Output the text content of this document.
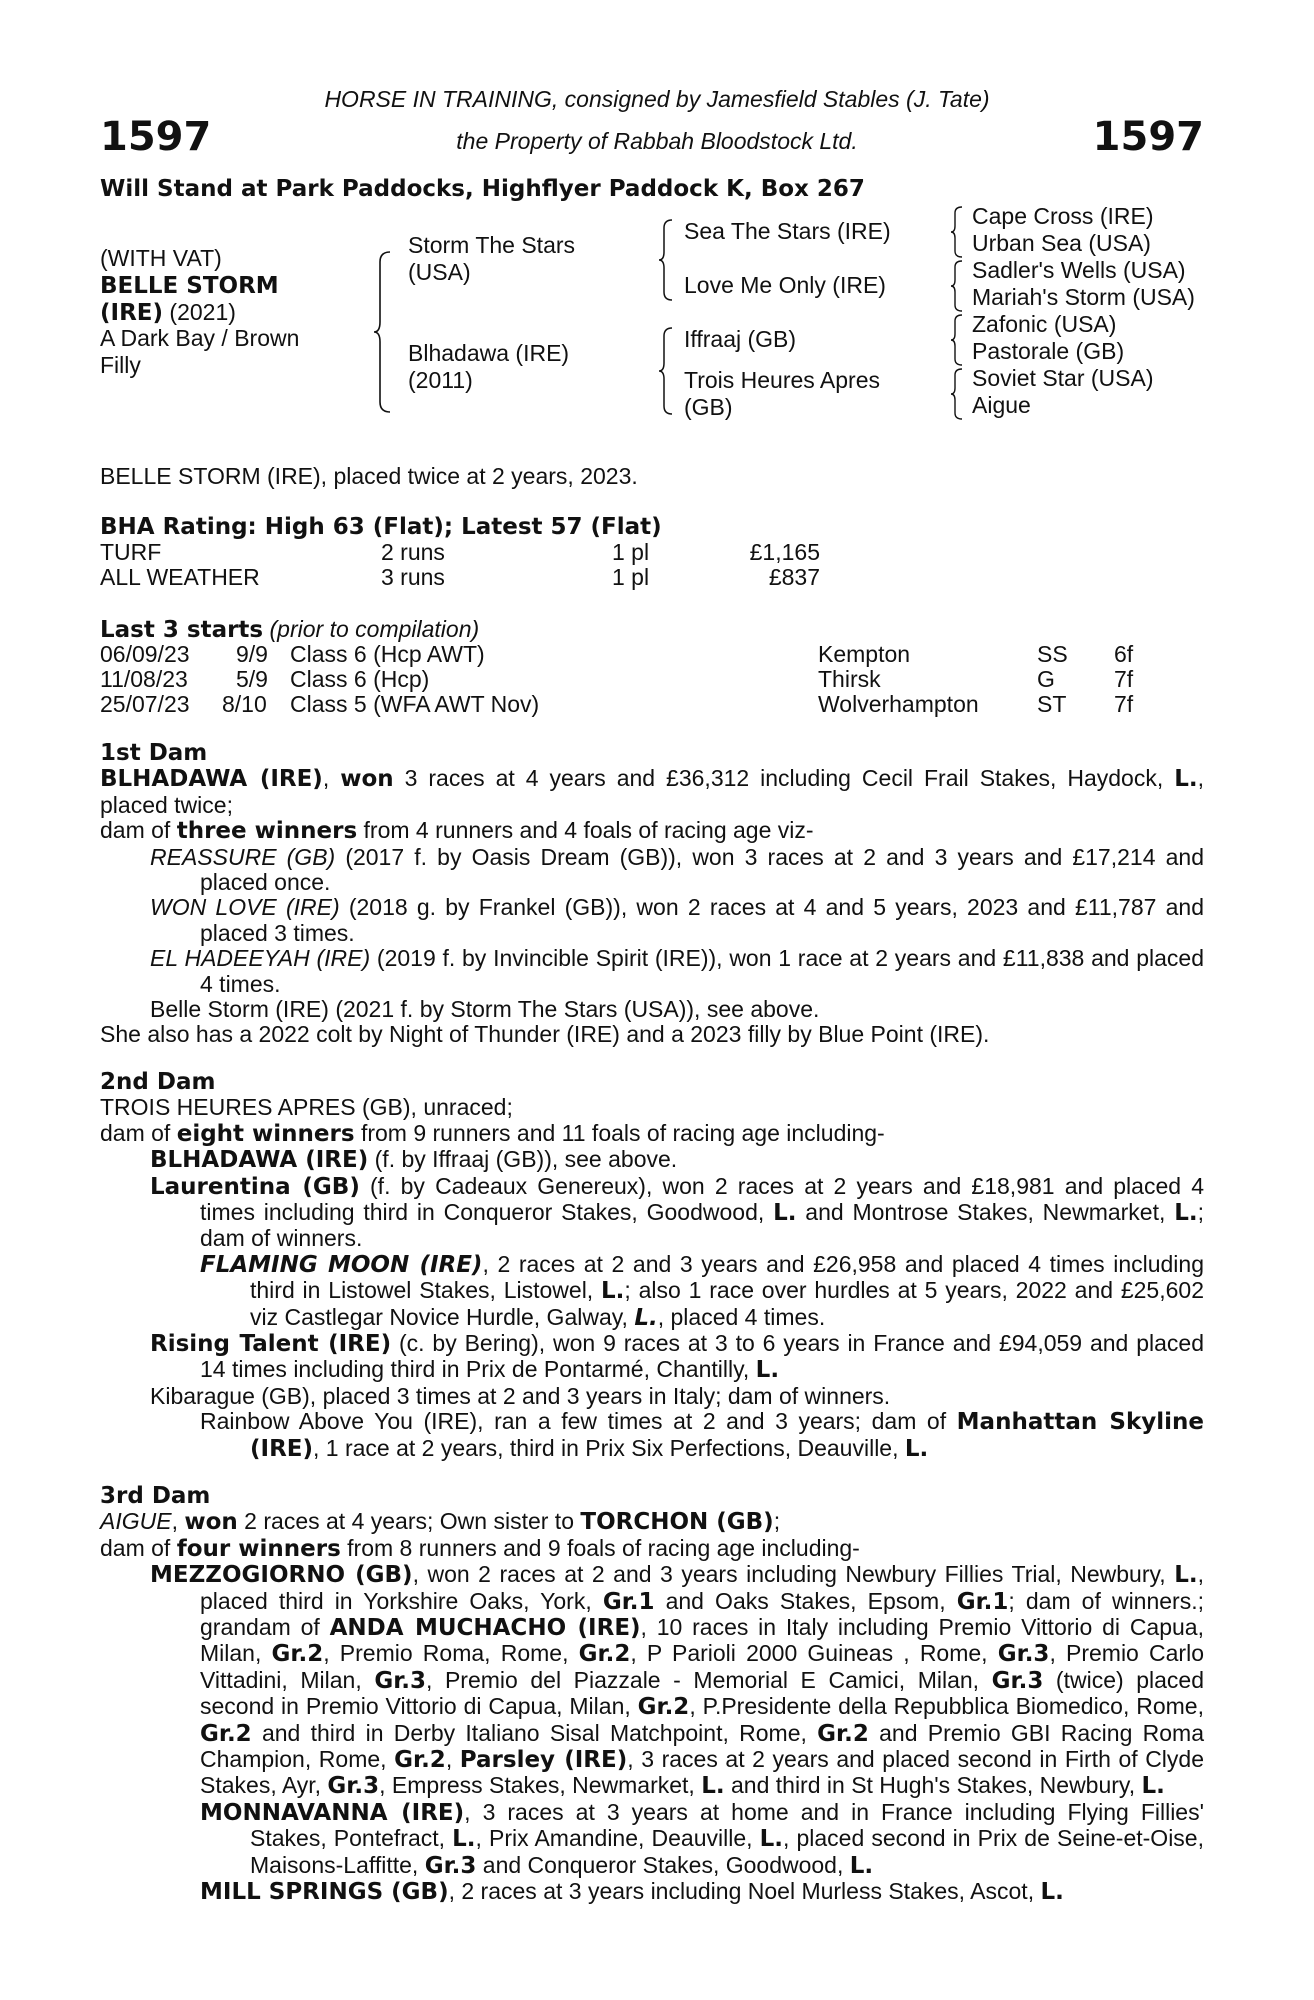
1597	1597
HORSE IN TRAINING, consigned by Jamesfield Stables (J. Tate)
the Property of Rabbah Bloodstock Ltd.
Will Stand at Park Paddocks, Highflyer Paddock K, Box 267
(WITH VAT)
BELLE STORM
(IRE) (2021)
A Dark Bay / Brown
Filly
Storm The Stars
(USA)
Blhadawa (IRE)
(2011)
Sea The Stars (IRE)
Love Me Only (IRE)
Iffraaj (GB)
Trois Heures Apres
(GB)
Cape Cross (IRE)
Urban Sea (USA)
Sadler's Wells (USA)
Mariah's Storm (USA)
Zafonic (USA)
Pastorale (GB)
Soviet Star (USA)
Aigue
BELLE STORM (IRE), placed twice at 2 years, 2023.
BHA Rating: High 63 (Flat); Latest 57 (Flat)
TURF	2 runs	1 pl	£1,165
ALL WEATHER	3 runs	1 pl	£837
Last 3 starts (prior to compilation)
06/09/23 9/9 Class 6 (Hcp AWT)	Kempton	SS 6f
11/08/23 5/9 Class 6 (Hcp)	Thirsk	G	7f
25/07/23 8/10 Class 5 (WFA AWT Nov)	Wolverhampton	ST 7f

1st Dam

BLHADAWA (IRE), won 3 races at 4 years and £36,312 including Cecil Frail Stakes, Haydock, L., placed twice;

dam of three winners from 4 runners and 4 foals of racing age viz-

REASSURE (GB) (2017 f. by Oasis Dream (GB)), won 3 races at 2 and 3 years and £17,214 and placed once.

WON LOVE (IRE) (2018 g. by Frankel (GB)), won 2 races at 4 and 5 years, 2023 and £11,787 and placed 3 times.

EL HADEEYAH (IRE) (2019 f. by Invincible Spirit (IRE)), won 1 race at 2 years and £11,838 and placed 4 times.

Belle Storm (IRE) (2021 f. by Storm The Stars (USA)), see above.

She also has a 2022 colt by Night of Thunder (IRE) and a 2023 filly by Blue Point (IRE).

2nd Dam

TROIS HEURES APRES (GB), unraced;

dam of eight winners from 9 runners and 11 foals of racing age including-

BLHADAWA (IRE) (f. by Iffraaj (GB)), see above.

Laurentina (GB) (f. by Cadeaux Genereux), won 2 races at 2 years and £18,981 and placed 4 times including third in Conqueror Stakes, Goodwood, L. and Montrose Stakes, Newmarket, L.; dam of winners.

FLAMING MOON (IRE), 2 races at 2 and 3 years and £26,958 and placed 4 times including third in Listowel Stakes, Listowel, L.; also 1 race over hurdles at 5 years, 2022 and £25,602 viz Castlegar Novice Hurdle, Galway, L., placed 4 times.

Rising Talent (IRE) (c. by Bering), won 9 races at 3 to 6 years in France and £94,059 and placed 14 times including third in Prix de Pontarmé, Chantilly, L.

Kibarague (GB), placed 3 times at 2 and 3 years in Italy; dam of winners.

Rainbow Above You (IRE), ran a few times at 2 and 3 years; dam of Manhattan Skyline (IRE), 1 race at 2 years, third in Prix Six Perfections, Deauville, L.

3rd Dam

AIGUE, won 2 races at 4 years; Own sister to TORCHON (GB);

dam of four winners from 8 runners and 9 foals of racing age including-

MEZZOGIORNO (GB), won 2 races at 2 and 3 years including Newbury Fillies Trial, Newbury, L., placed third in Yorkshire Oaks, York, Gr.1 and Oaks Stakes, Epsom, Gr.1; dam of winners.; grandam of ANDA MUCHACHO (IRE), 10 races in Italy including Premio Vittorio di Capua, Milan, Gr.2, Premio Roma, Rome, Gr.2, P Parioli 2000 Guineas , Rome, Gr.3, Premio Carlo Vittadini, Milan, Gr.3, Premio del Piazzale - Memorial E Camici, Milan, Gr.3 (twice) placed second in Premio Vittorio di Capua, Milan, Gr.2, P.Presidente della Repubblica Biomedico, Rome, Gr.2 and third in Derby Italiano Sisal Matchpoint, Rome, Gr.2 and Premio GBI Racing Roma Champion, Rome, Gr.2, Parsley (IRE), 3 races at 2 years and placed second in Firth of Clyde Stakes, Ayr, Gr.3, Empress Stakes, Newmarket, L. and third in St Hugh's Stakes, Newbury, L.

MONNAVANNA (IRE), 3 races at 3 years at home and in France including Flying Fillies' Stakes, Pontefract, L., Prix Amandine, Deauville, L., placed second in Prix de Seine-et-Oise, Maisons-Laffitte, Gr.3 and Conqueror Stakes, Goodwood, L.

MILL SPRINGS (GB), 2 races at 3 years including Noel Murless Stakes, Ascot, L.
